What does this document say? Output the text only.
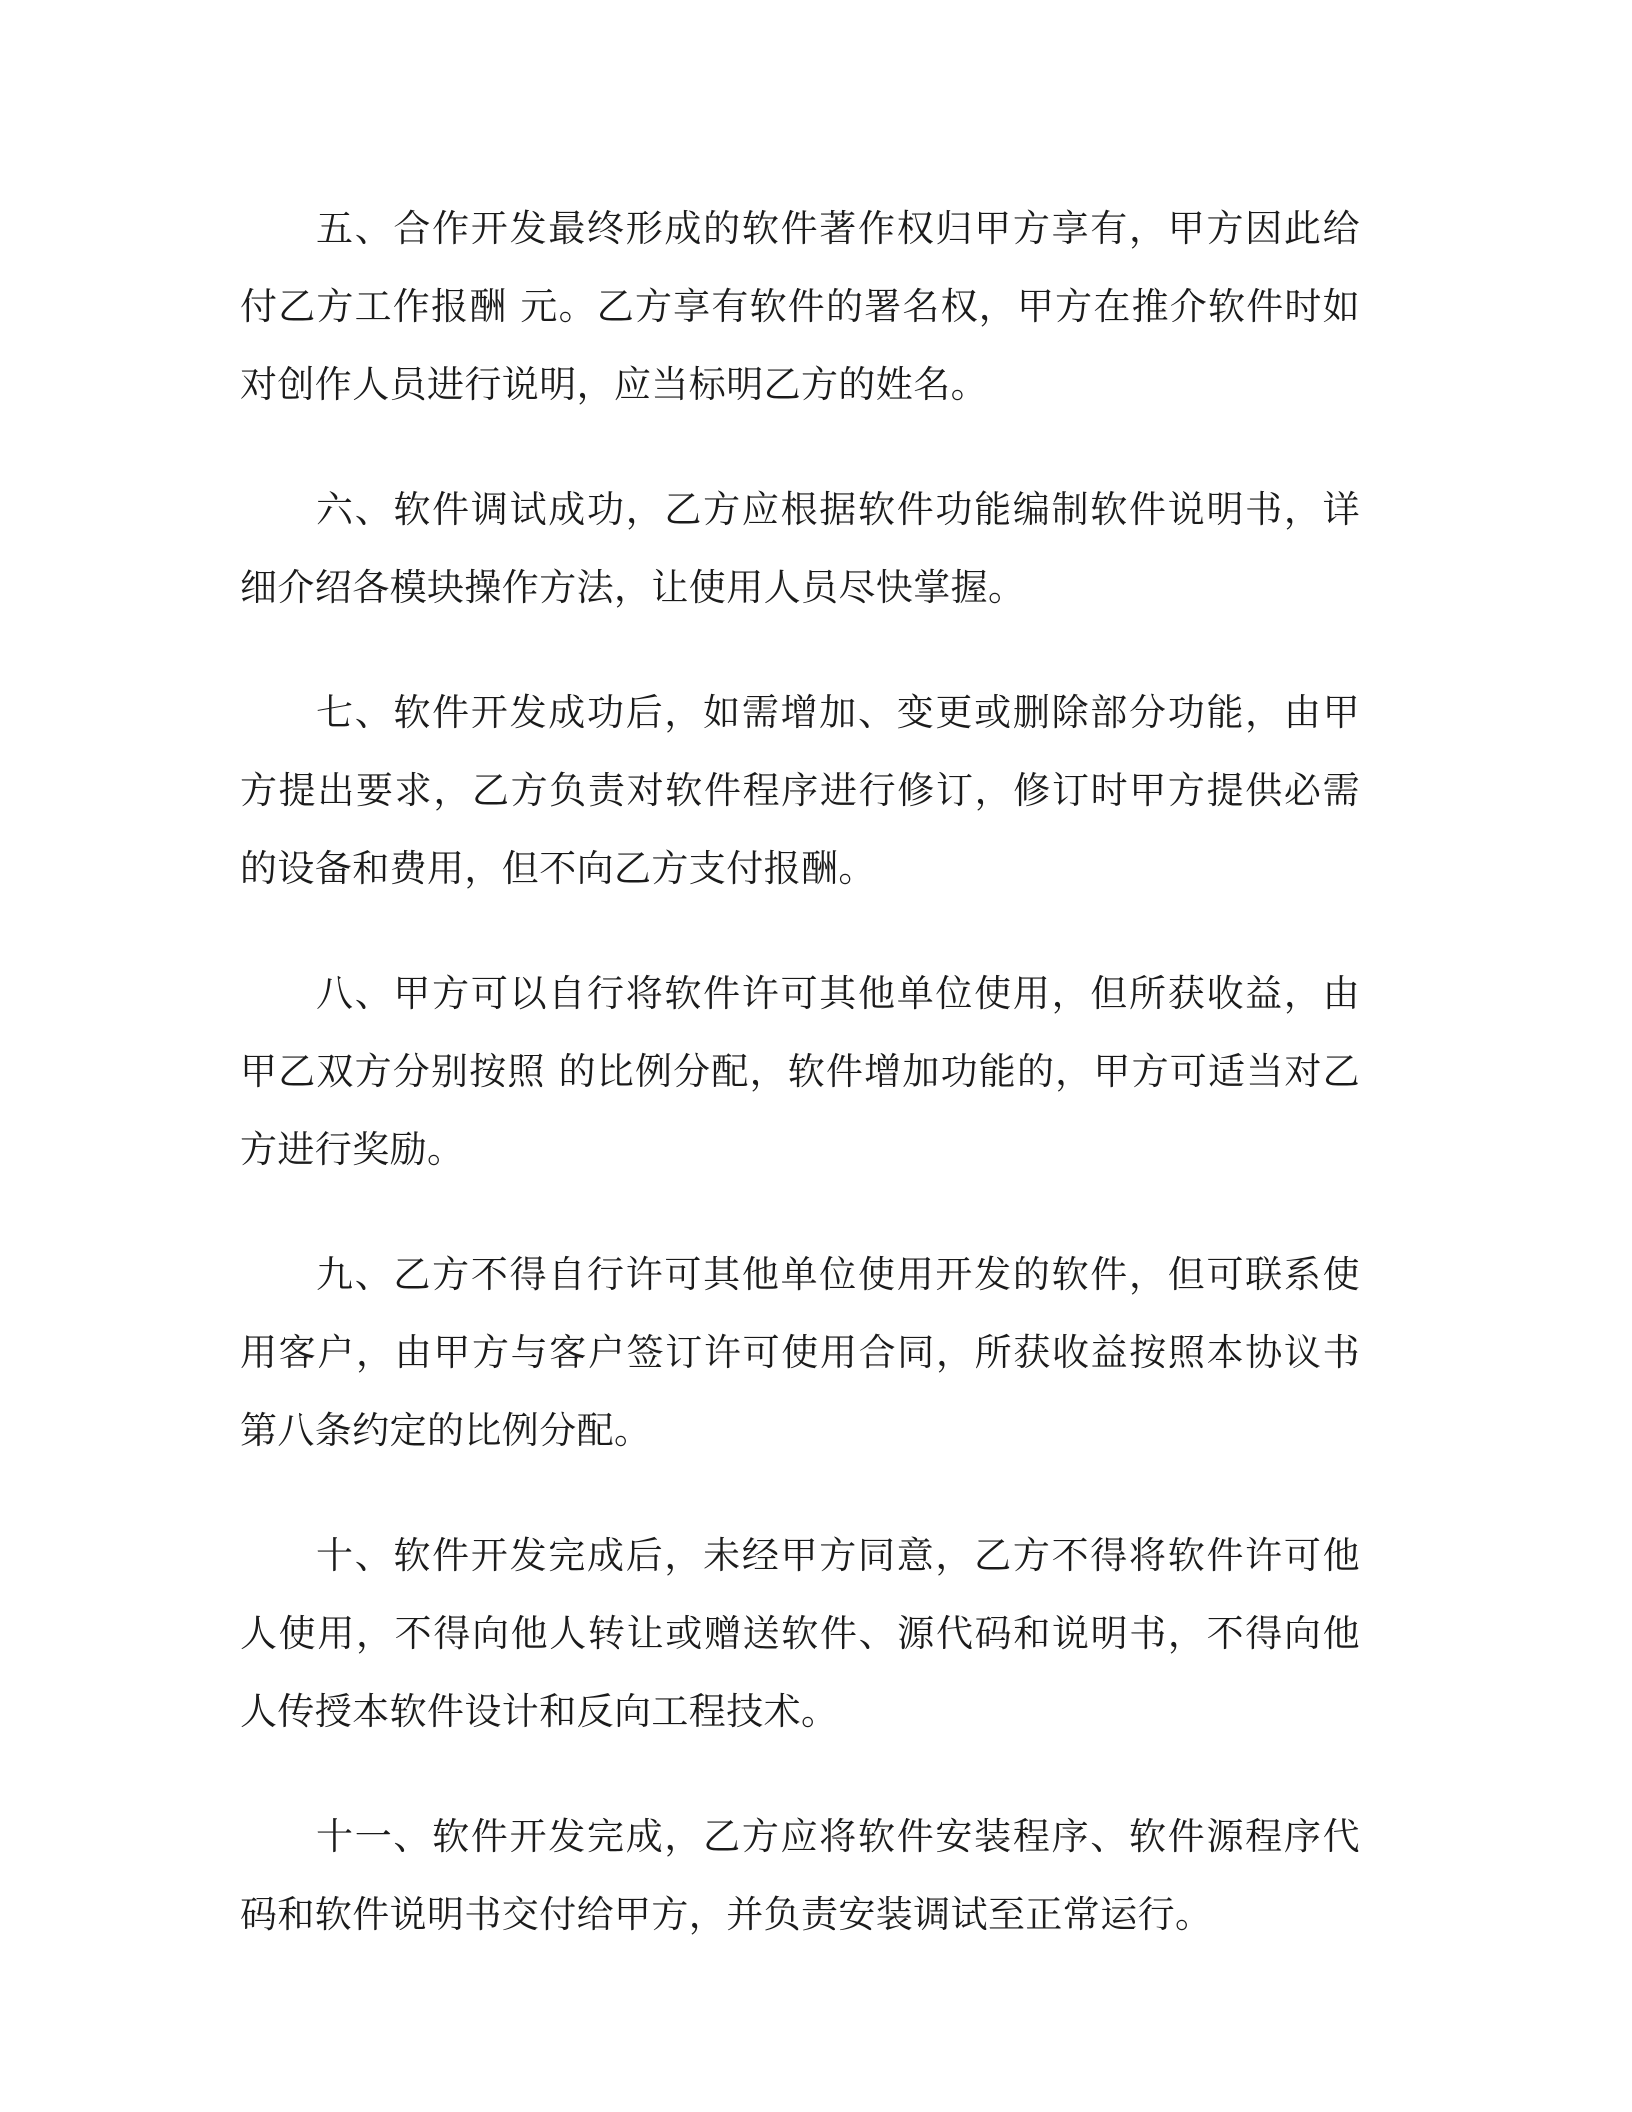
五、合作开发最终形成的软件著作权归甲方享有，甲方因此给付乙方工作报酬 元。乙方享有软件的署名权，甲方在推介软件时如对创作人员进行说明，应当标明乙方的姓名。

六、软件调试成功，乙方应根据软件功能编制软件说明书，详细介绍各模块操作方法，让使用人员尽快掌握。

七、软件开发成功后，如需增加、变更或删除部分功能，由甲方提出要求，乙方负责对软件程序进行修订，修订时甲方提供必需的设备和费用，但不向乙方支付报酬。

八、甲方可以自行将软件许可其他单位使用，但所获收益，由甲乙双方分别按照 的比例分配，软件增加功能的，甲方可适当对乙方进行奖励。

九、乙方不得自行许可其他单位使用开发的软件，但可联系使用客户，由甲方与客户签订许可使用合同，所获收益按照本协议书第八条约定的比例分配。

十、软件开发完成后，未经甲方同意，乙方不得将软件许可他人使用，不得向他人转让或赠送软件、源代码和说明书，不得向他人传授本软件设计和反向工程技术。

十一、软件开发完成，乙方应将软件安装程序、软件源程序代码和软件说明书交付给甲方，并负责安装调试至正常运行。
